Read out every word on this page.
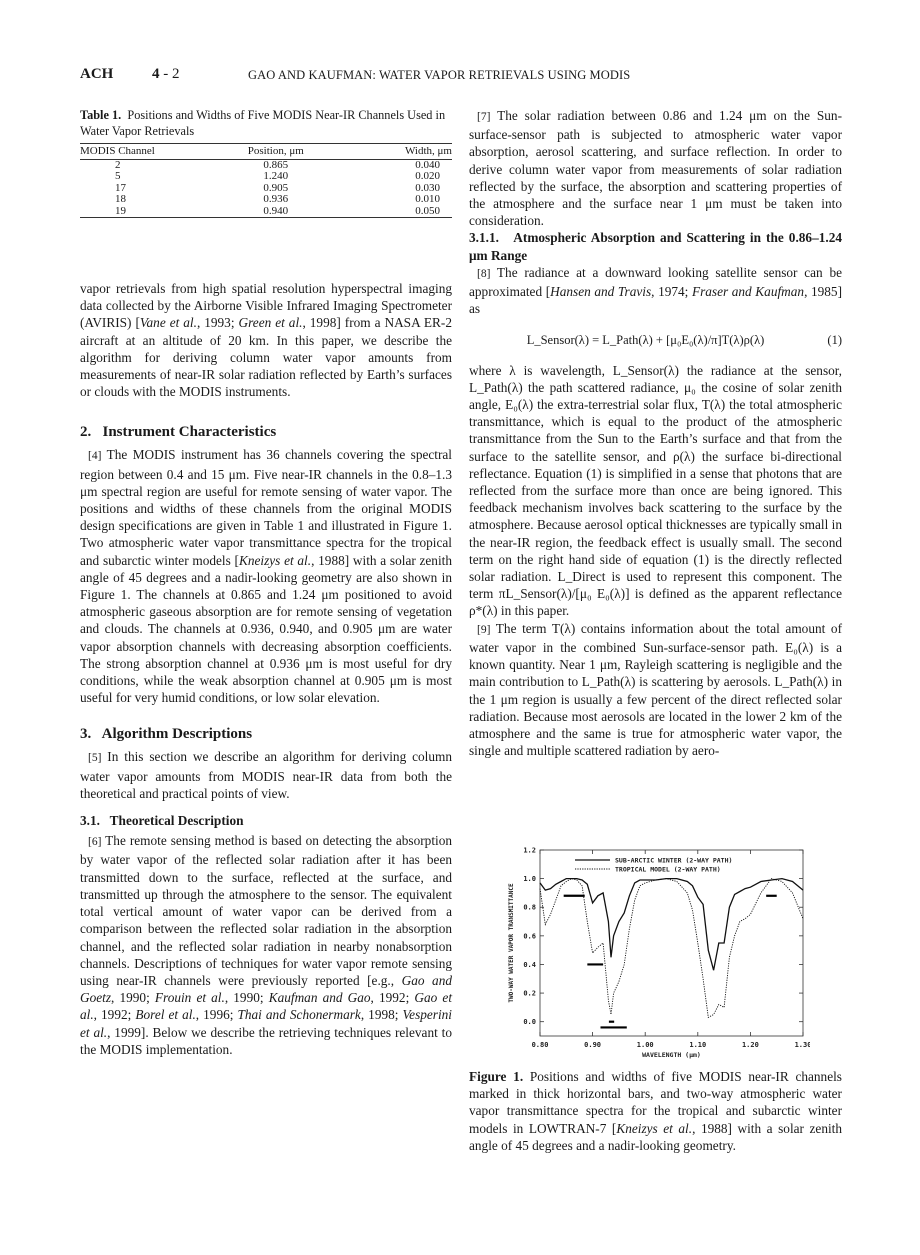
ACH	4 - 2	GAO AND KAUFMAN: WATER VAPOR RETRIEVALS USING MODIS
Table 1. Positions and Widths of Five MODIS Near-IR Channels Used in Water Vapor Retrievals
MODIS Channel	Position, μm	Width, μm
2	0.865	0.040
5	1.240	0.020
17	0.905	0.030
18	0.936	0.010
19	0.940	0.050

vapor retrievals from high spatial resolution hyperspectral imaging data collected by the Airborne Visible Infrared Imaging Spectrometer (AVIRIS) [Vane et al., 1993; Green et al., 1998] from a NASA ER-2 aircraft at an altitude of 20 km. In this paper, we describe the algorithm for deriving column water vapor amounts from measurements of near-IR solar radiation reflected by Earth’s surfaces or clouds with the MODIS instruments.

2.   Instrument Characteristics

[4] The MODIS instrument has 36 channels covering the spectral region between 0.4 and 15 μm. Five near-IR channels in the 0.8–1.3 μm spectral region are useful for remote sensing of water vapor. The positions and widths of these channels from the original MODIS design specifications are given in Table 1 and illustrated in Figure 1. Two atmospheric water vapor transmittance spectra for the tropical and subarctic winter models [Kneizys et al., 1988] with a solar zenith angle of 45 degrees and a nadir-looking geometry are also shown in Figure 1. The channels at 0.865 and 1.24 μm positioned to avoid atmospheric gaseous absorption are for remote sensing of vegetation and clouds. The channels at 0.936, 0.940, and 0.905 μm are water vapor absorption channels with decreasing absorption coefficients. The strong absorption channel at 0.936 μm is most useful for dry conditions, while the weak absorption channel at 0.905 μm is most useful for very humid conditions, or low solar elevation.

3.   Algorithm Descriptions

[5] In this section we describe an algorithm for deriving column water vapor amounts from MODIS near-IR data from both the theoretical and practical points of view.

3.1.   Theoretical Description

[6] The remote sensing method is based on detecting the absorption by water vapor of the reflected solar radiation after it has been transmitted down to the surface, reflected at the surface, and transmitted up through the atmosphere to the sensor. The equivalent total vertical amount of water vapor can be derived from a comparison between the reflected solar radiation in the absorption channel, and the reflected solar radiation in nearby nonabsorption channels. Descriptions of techniques for water vapor remote sensing using near-IR channels were previously reported [e.g., Gao and Goetz, 1990; Frouin et al., 1990; Kaufman and Gao, 1992; Gao et al., 1992; Borel et al., 1996; Thai and Schonermark, 1998; Vesperini et al., 1999]. Below we describe the retrieving techniques relevant to the MODIS implementation.

[7] The solar radiation between 0.86 and 1.24 μm on the Sun-surface-sensor path is subjected to atmospheric water vapor absorption, aerosol scattering, and surface reflection. In order to derive column water vapor from measurements of solar radiation reflected by the surface, the absorption and scattering properties of the atmosphere and the surface near 1 μm must be taken into consideration.

3.1.1.   Atmospheric Absorption and Scattering in the 0.86–1.24 μm Range

[8] The radiance at a downward looking satellite sensor can be approximated [Hansen and Travis, 1974; Fraser and Kaufman, 1985] as

L_Sensor(λ) = L_Path(λ) + [μ₀E₀(λ)/π]T(λ)ρ(λ)	(1)

where λ is wavelength, L_Sensor(λ) the radiance at the sensor, L_Path(λ) the path scattered radiance, μ₀ the cosine of solar zenith angle, E₀(λ) the extra-terrestrial solar flux, T(λ) the total atmospheric transmittance, which is equal to the product of the atmospheric transmittance from the Sun to the Earth’s surface and that from the surface to the satellite sensor, and ρ(λ) the surface bi-directional reflectance. Equation (1) is simplified in a sense that photons that are reflected from the surface more than once are being ignored. This feedback mechanism involves back scattering to the surface by the atmosphere. Because aerosol optical thicknesses are typically small in the near-IR region, the feedback effect is usually small. The second term on the right hand side of equation (1) is the directly reflected solar radiation. L_Direct is used to represent this component. The term πL_Sensor(λ)/[μ₀ E₀(λ)] is defined as the apparent reflectance ρ*(λ) in this paper.

[9] The term T(λ) contains information about the total amount of water vapor in the combined Sun-surface-sensor path. E₀(λ) is a known quantity. Near 1 μm, Rayleigh scattering is negligible and the main contribution to L_Path(λ) is scattering by aerosols. L_Path(λ) in the 1 μm region is usually a few percent of the direct reflected solar radiation. Because most aerosols are located in the lower 2 km of the atmosphere and the same is true for atmospheric water vapor, the single and multiple scattered radiation by aero-

0.80	0.90	1.00	1.10	1.20	1.30
0.0
0.2
0.4
0.6
0.8
1.0
1.2
WAVELENGTH (μm)
TWO-WAY WATER VAPOR TRANSMITTANCE
SUB-ARCTIC WINTER (2-WAY PATH)
TROPICAL MODEL (2-WAY PATH)
Figure 1. Positions and widths of five MODIS near-IR channels marked in thick horizontal bars, and two-way atmospheric water vapor transmittance spectra for the tropical and subarctic winter models in LOWTRAN-7 [Kneizys et al., 1988] with a solar zenith angle of 45 degrees and a nadir-looking geometry.
